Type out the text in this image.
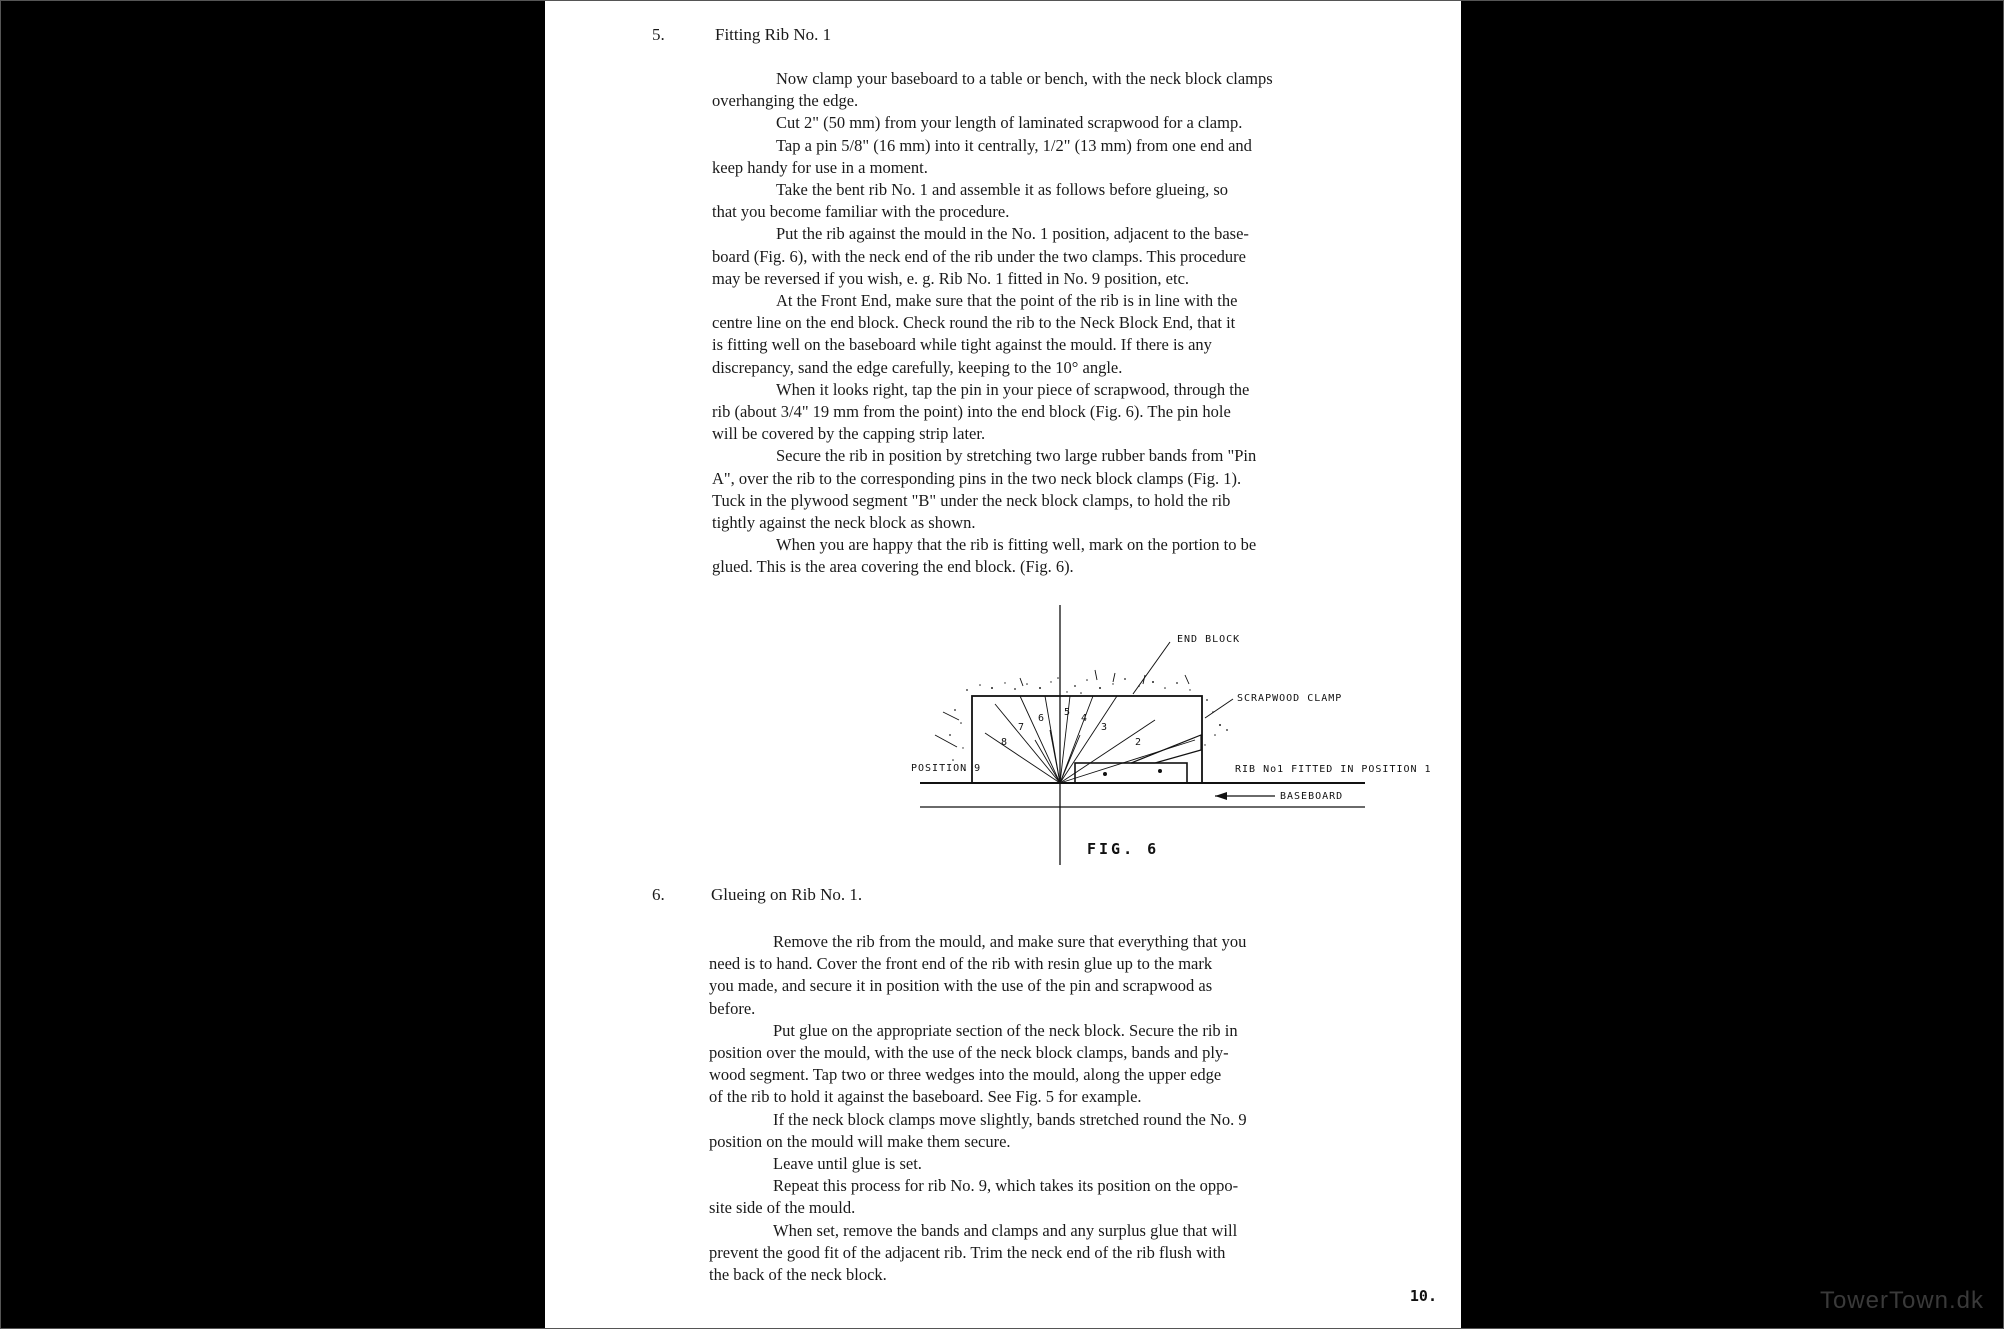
5.	Fitting Rib No. 1

Now clamp your baseboard to a table or bench, with the neck block clamps

overhanging the edge.

Cut 2" (50 mm) from your length of laminated scrapwood for a clamp.

Tap a pin 5/8" (16 mm) into it centrally, 1/2" (13 mm) from one end and

keep handy for use in a moment.

Take the bent rib No. 1 and assemble it as follows before glueing, so

that you become familiar with the procedure.

Put the rib against the mould in the No. 1 position, adjacent to the base-

board (Fig. 6), with the neck end of the rib under the two clamps. This procedure

may be reversed if you wish, e. g. Rib No. 1 fitted in No. 9 position, etc.

At the Front End, make sure that the point of the rib is in line with the

centre line on the end block. Check round the rib to the Neck Block End, that it

is fitting well on the baseboard while tight against the mould. If there is any

discrepancy, sand the edge carefully, keeping to the 10° angle.

When it looks right, tap the pin in your piece of scrapwood, through the

rib (about 3/4" 19 mm from the point) into the end block (Fig. 6). The pin hole

will be covered by the capping strip later.

Secure the rib in position by stretching two large rubber bands from "Pin

A", over the rib to the corresponding pins in the two neck block clamps (Fig. 1).

Tuck in the plywood segment "B" under the neck block clamps, to hold the rib

tightly against the neck block as shown.

When you are happy that the rib is fitting well, mark on the portion to be

glued. This is the area covering the end block. (Fig. 6).

END BLOCK
SCRAPWOOD CLAMP
POSITION 9	RIB No1 FITTED IN POSITION 1
BASEBOARD
2
3
4
5
6
7
8
FIG. 6
6.	Glueing on Rib No. 1.

Remove the rib from the mould, and make sure that everything that you

need is to hand. Cover the front end of the rib with resin glue up to the mark

you made, and secure it in position with the use of the pin and scrapwood as

before.

Put glue on the appropriate section of the neck block. Secure the rib in

position over the mould, with the use of the neck block clamps, bands and ply-

wood segment. Tap two or three wedges into the mould, along the upper edge

of the rib to hold it against the baseboard. See Fig. 5 for example.

If the neck block clamps move slightly, bands stretched round the No. 9

position on the mould will make them secure.

Leave until glue is set.

Repeat this process for rib No. 9, which takes its position on the oppo-

site side of the mould.

When set, remove the bands and clamps and any surplus glue that will

prevent the good fit of the adjacent rib. Trim the neck end of the rib flush with

the back of the neck block.

10.	TowerTown.dk
